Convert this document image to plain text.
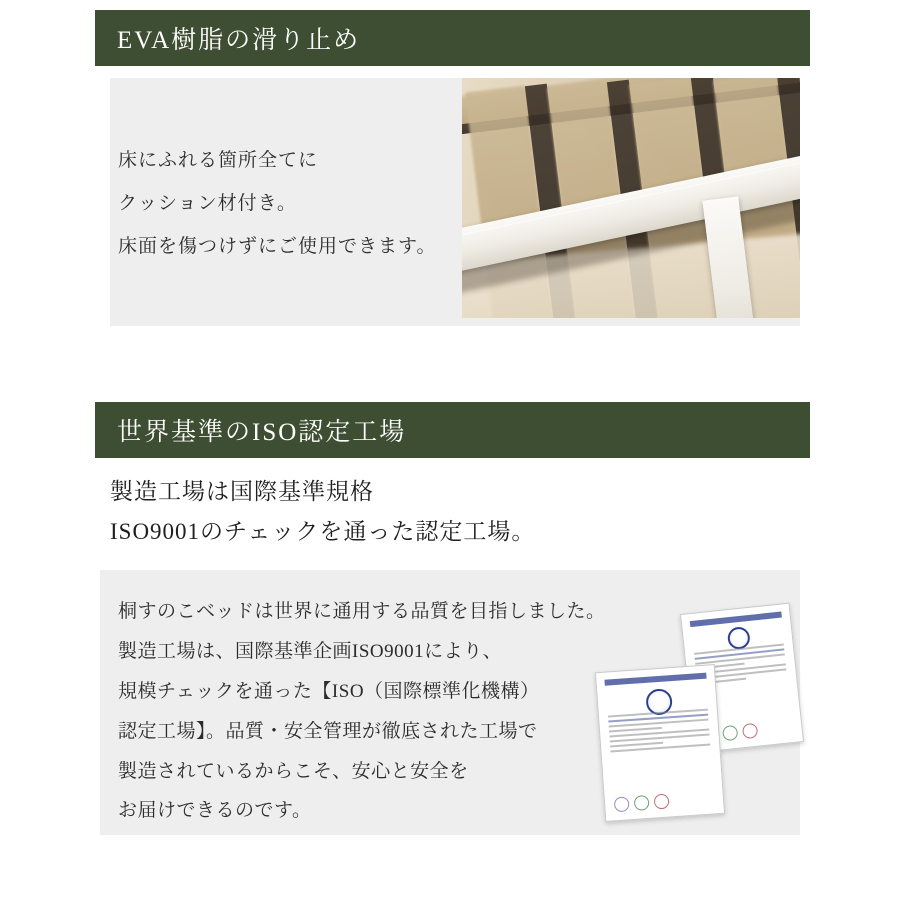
EVA樹脂の滑り止め
床にふれる箇所全てに
クッション材付き。
床面を傷つけずにご使用できます。
世界基準のISO認定工場
製造工場は国際基準規格
ISO9001のチェックを通った認定工場。
桐すのこベッドは世界に通用する品質を目指しました。
製造工場は、国際基準企画ISO9001により、
規模チェックを通った【ISO（国際標準化機構）
認定工場】。品質・安全管理が徹底された工場で
製造されているからこそ、安心と安全を
お届けできるのです。
